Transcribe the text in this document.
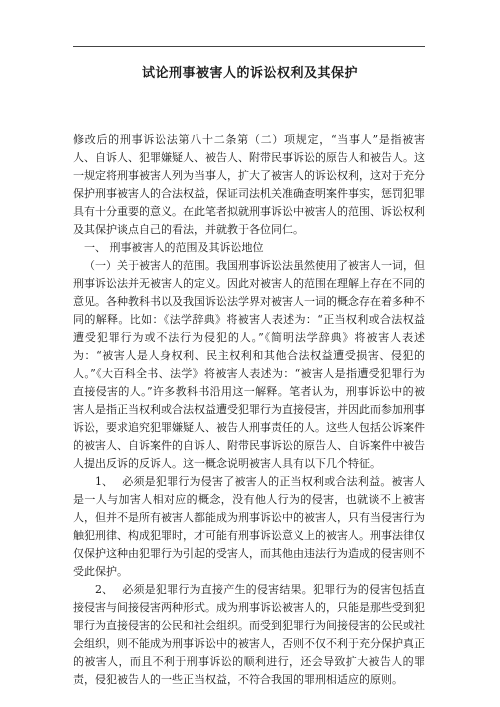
试论刑事被害人的诉讼权利及其保护

修改后的刑事诉讼法第八十二条第（二）项规定，“当事人”是指被害人、自诉人、犯罪嫌疑人、被告人、附带民事诉讼的原告人和被告人。这一规定将刑事被害人列为当事人，扩大了被害人的诉讼权利，这对于充分保护刑事被害人的合法权益，保证司法机关准确查明案件事实，惩罚犯罪具有十分重要的意义。在此笔者拟就刑事诉讼中被害人的范围、诉讼权利及其保护谈点自己的看法，并就教于各位同仁。

一、 刑事被害人的范围及其诉讼地位

（一）关于被害人的范围。我国刑事诉讼法虽然使用了被害人一词，但刑事诉讼法并无被害人的定义。因此对被害人的范围在理解上存在不同的意见。各种教科书以及我国诉讼法学界对被害人一词的概念存在着多种不同的解释。比如：《法学辞典》将被害人表述为：“正当权利或合法权益遭受犯罪行为或不法行为侵犯的人。”《简明法学辞典》将被害人表述为：“被害人是人身权利、民主权利和其他合法权益遭受损害、侵犯的人。”《大百科全书、法学》将被害人表述为：“被害人是指遭受犯罪行为直接侵害的人。”许多教科书沿用这一解释。笔者认为，刑事诉讼中的被害人是指正当权利或合法权益遭受犯罪行为直接侵害，并因此而参加刑事诉讼，要求追究犯罪嫌疑人、被告人刑事责任的人。这些人包括公诉案件的被害人、自诉案件的自诉人、附带民事诉讼的原告人、自诉案件中被告人提出反诉的反诉人。这一概念说明被害人具有以下几个特征。

1、 必须是犯罪行为侵害了被害人的正当权利或合法利益。被害人是一人与加害人相对应的概念，没有他人行为的侵害，也就谈不上被害人，但并不是所有被害人都能成为刑事诉讼中的被害人，只有当侵害行为触犯刑律、构成犯罪时，才可能有刑事诉讼意义上的被害人。刑事法律仅仅保护这种由犯罪行为引起的受害人，而其他由违法行为造成的侵害则不受此保护。

2、 必须是犯罪行为直接产生的侵害结果。犯罪行为的侵害包括直接侵害与间接侵害两种形式。成为刑事诉讼被害人的，只能是那些受到犯罪行为直接侵害的公民和社会组织。而受到犯罪行为间接侵害的公民或社会组织，则不能成为刑事诉讼中的被害人，否则不仅不利于充分保护真正的被害人，而且不利于刑事诉讼的顺利进行，还会导致扩大被告人的罪责，侵犯被告人的一些正当权益，不符合我国的罪刑相适应的原则。
